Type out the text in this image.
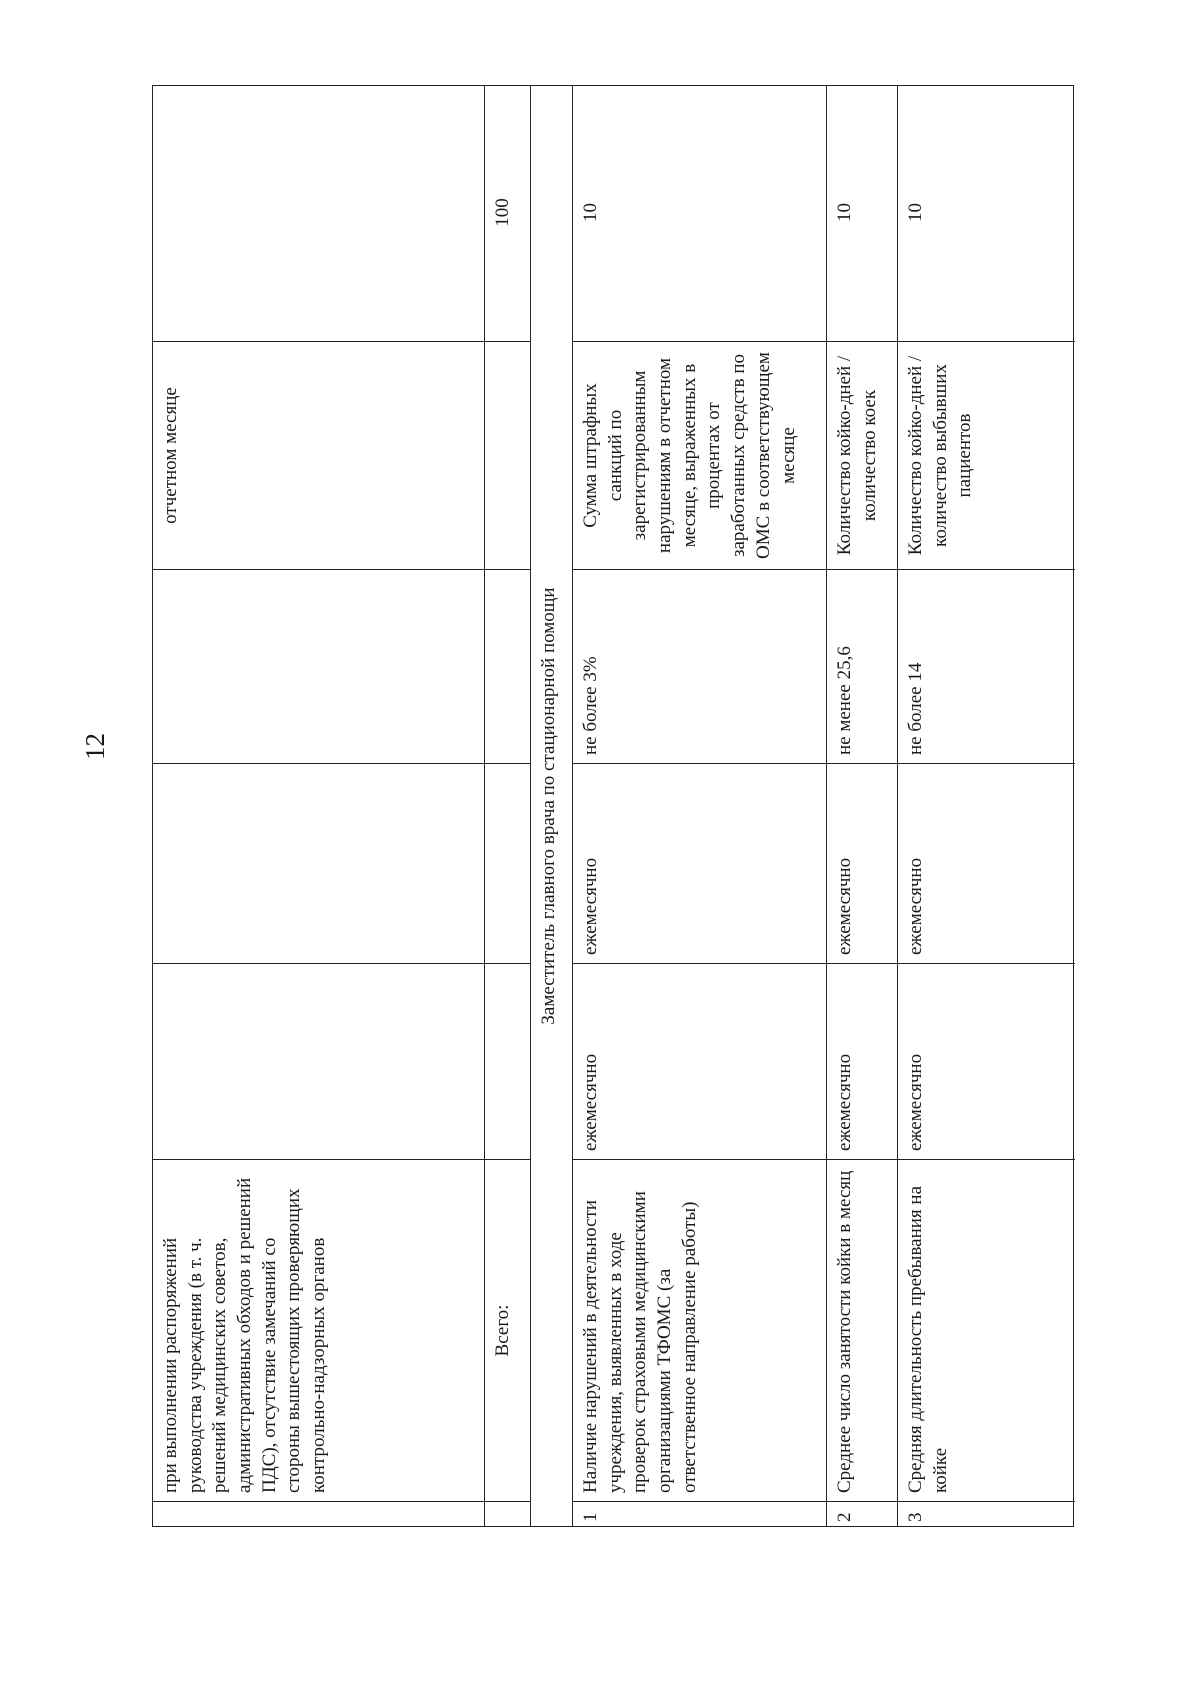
12
при выполнении распоряжений руководства учреждения (в т. ч. решений медицинских советов, административных обходов и решений ПДС), отсутствие замечаний со стороны вышестоящих проверяющих контрольно-надзорных органов
отчетном месяце
Всего:
100
Заместитель главного врача по стационарной помощи
1
Наличие нарушений в деятельности учреждения, выявленных в ходе проверок страховыми медицинскими организациями ТФОМС (за ответственное направление работы)
ежемесячно
ежемесячно
не более 3%
Сумма штрафных санкций по зарегистрированным нарушениям в отчетном месяце, выраженных в процентах от заработанных средств по ОМС в соответствующем месяце
10
2
Среднее число занятости койки в месяц
ежемесячно
ежемесячно
не менее 25,6
Количество койко-дней / количество коек
10
3
Средняя длительность пребывания на койке
ежемесячно
ежемесячно
не более 14
Количество койко-дней / количество выбывших пациентов
10
